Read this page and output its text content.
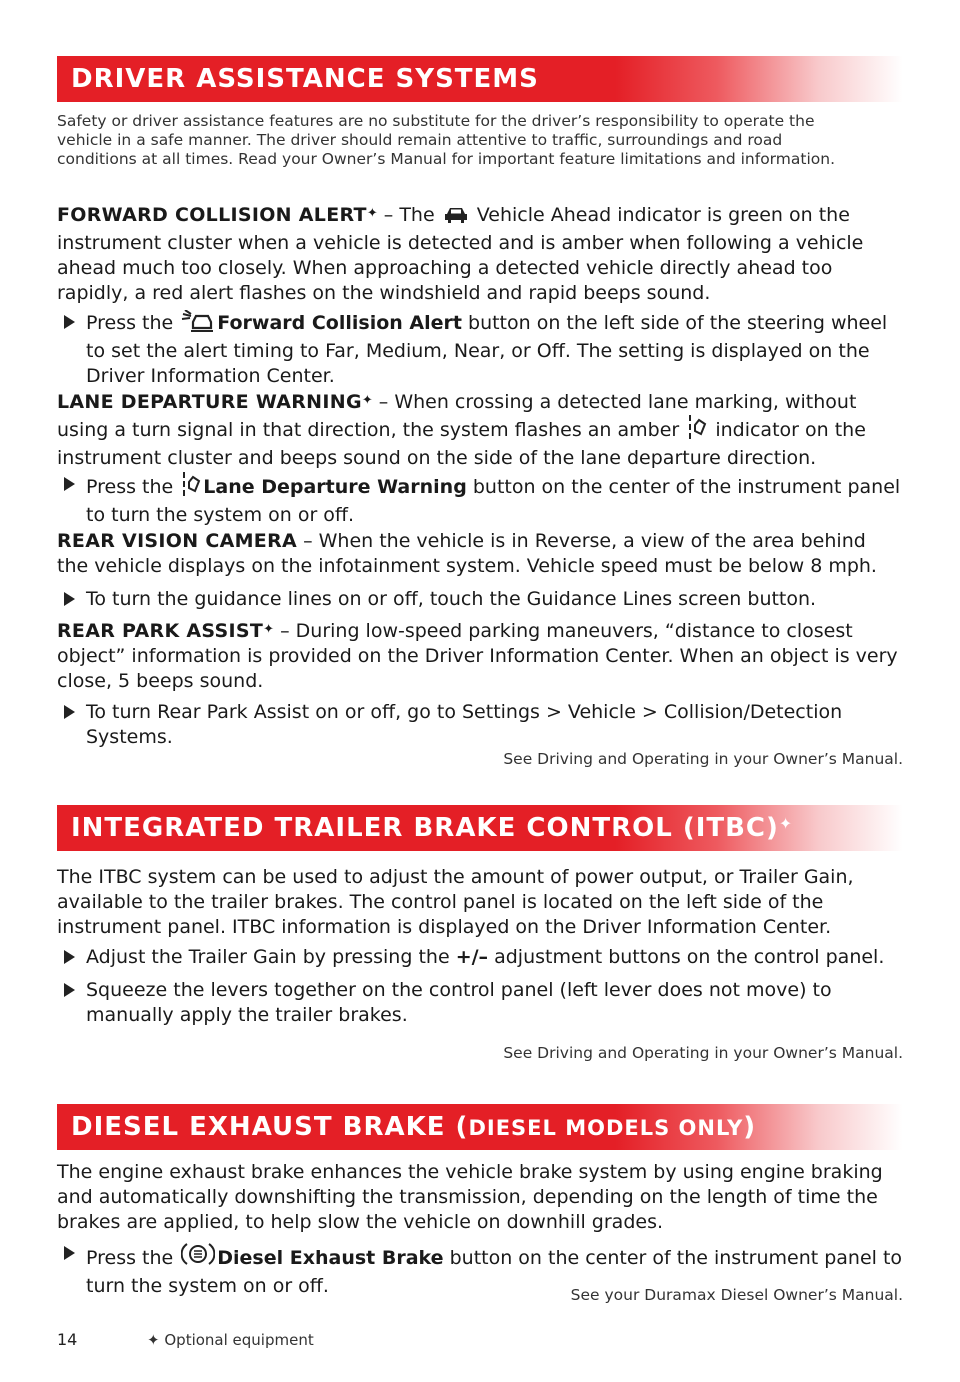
DRIVER ASSISTANCE SYSTEMS

Safety or driver assistance features are no substitute for the driver’s responsibility to operate the vehicle in a safe manner. The driver should remain attentive to traffic, surroundings and road conditions at all times. Read your Owner’s Manual for important feature limitations and information.

FORWARD COLLISION ALERT✦ – The  Vehicle Ahead indicator is green on the instrument cluster when a vehicle is detected and is amber when following a vehicle ahead much too closely. When approaching a detected vehicle directly ahead too rapidly, a red alert flashes on the windshield and rapid beeps sound.

Press the Forward Collision Alert button on the left side of the steering wheel to set the alert timing to Far, Medium, Near, or Off. The setting is displayed on the Driver Information Center.

LANE DEPARTURE WARNING✦ – When crossing a detected lane marking, without using a turn signal in that direction, the system flashes an amber  indicator on the instrument cluster and beeps sound on the side of the lane departure direction.

Press the Lane Departure Warning button on the center of the instrument panel to turn the system on or off.

REAR VISION CAMERA – When the vehicle is in Reverse, a view of the area behind the vehicle displays on the infotainment system. Vehicle speed must be below 8 mph.

To turn the guidance lines on or off, touch the Guidance Lines screen button.

REAR PARK ASSIST✦ – During low-speed parking maneuvers, “distance to closest object” information is provided on the Driver Information Center. When an object is very close, 5 beeps sound.

To turn Rear Park Assist on or off, go to Settings > Vehicle > Collision/Detection Systems.

See Driving and Operating in your Owner’s Manual.
INTEGRATED TRAILER BRAKE CONTROL (ITBC)✦

The ITBC system can be used to adjust the amount of power output, or Trailer Gain, available to the trailer brakes. The control panel is located on the left side of the instrument panel. ITBC information is displayed on the Driver Information Center.

Adjust the Trailer Gain by pressing the +/– adjustment buttons on the control panel.

Squeeze the levers together on the control panel (left lever does not move) to manually apply the trailer brakes.

See Driving and Operating in your Owner’s Manual.
DIESEL EXHAUST BRAKE (DIESEL MODELS ONLY)

The engine exhaust brake enhances the vehicle brake system by using engine braking and automatically downshifting the transmission, depending on the length of time the brakes are applied, to help slow the vehicle on downhill grades.

Press the Diesel Exhaust Brake button on the center of the instrument panel to turn the system on or off.	See your Duramax Diesel Owner’s Manual.
14	✦ Optional equipment
